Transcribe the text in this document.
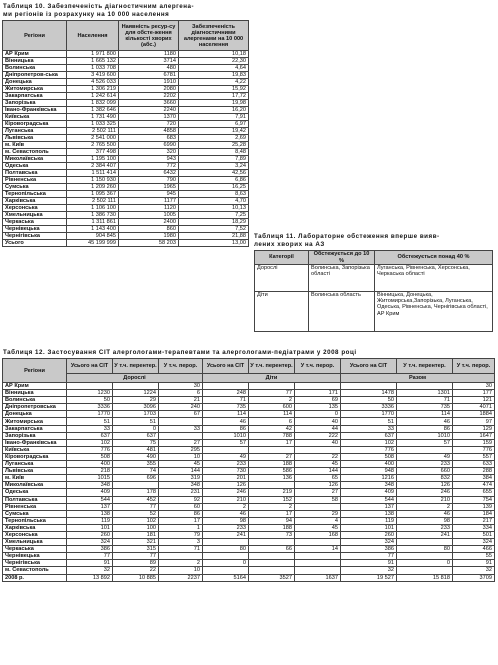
Таблиця 10. Забезпеченість діагностичним алергена-
ми регіонів із розрахунку на 10 000 населення
Регіони	Населення	Наявність ресур-су для обсте-ження кількості хворих (абс.)	Забезпеченість діагностичними алергенами на 10 000 населення
АР Крим	1 971 800	1180	10,18
Вінницька	1 665 132	3714	22,30
Волинська	1 033 708	480	4,64
Дніпропетров-ська	3 419 600	6781	19,83
Донецька	4 526 033	1910	4,22
Житомирська	1 306 219	2080	15,92
Закарпатська	1 242 614	2202	17,72
Запорізька	1 832 099	3660	19,98
Івано-Франківська	1 382 646	2240	16,20
Київська	1 731 490	1370	7,91
Кіровоградська	1 033 325	720	6,97
Луганська	2 502 111	4858	19,42
Львівська	2 541 000	683	2,69
м. Київ	2 765 500	6990	25,28
м. Севастополь	377 498	320	8,48
Миколаївська	1 195 100	943	7,89
Одеська	2 384 407	772	3,24
Полтавська	1 511 414	6432	42,56
Рівненська	1 150 930	790	6,86
Сумська	1 209 260	1965	16,25
Тернопільська	1 095 367	945	8,63
Харківська	2 502 111	1177	4,70
Херсонська	1 106 100	1120	10,13
Хмельницька	1 386 730	1005	7,25
Черкаська	1 311 861	2400	18,29
Чернівецька	1 143 400	860	7,52
Чернігівська	904 845	1980	21,88
Усього	45 199 999	58 203	13,00
Таблиця 11. Лабораторне обстеження вперше вияв-
лених хворих на АЗ
Категорії	Обстежується до 10 %	Обстежується понад 40 %
Дорослі	Волинська, Запорізька області	Луганська, Рівненська, Херсонська, Черкаська області
Діти	Волинська область	Вінницька, Донецька, Житомирська,Запорізька, Луганська, Одеська, Рівненська, Чернігівська області, АР Крим
Таблиця 12. Застосування СІТ алергологами-терапевтами та алергологами-педіатрами у 2008 році
Регіони	Усього на СІТ	У т.ч. перентер.	У т.ч. перор.	Усього на СІТ	У т.ч. перентер.	У т.ч. перор.	Усього на СІТ	У т.ч. перентер.	У т.ч. перор.
	Дорослі			Діти			Разом		
АР Крим			30						30
Вінницька	1230	1224	6	248	77	171	1478	1301	177
Волинська	50	29	21	71	2	69	50	71	121
Дніпропетровська	3336	3096	240	735	600	135	3336	735	4071
Донецька	1770	1703	67	114	114	0	1770	114	1884
Житомирська	51	51		46	6	40	51	46	97
Закарпатська	33	0	33	86	42	44	33	86	129
Запорізька	637	637		1010	788	222	637	1010	1647
Івано-Франківська	102	75	27	57	17	40	102	57	159
Київська	776	481	295				776		776
Кіровоградська	508	490	10	49	27	22	508	49	557
Луганська	400	355	45	233	188	45	400	233	633
Львівська	218	74	144	730	586	144	948	660	288
м. Київ	1015	696	319	201	136	65	1216	832	384
Миколаївська	348		348	126		126	348	126	474
Одеська	409	178	231	246	219	27	409	246	655
Полтавська	544	452	92	210	152	58	544	210	754
Рівненська	137	77	60	2	2		137	2	139
Сумська	138	52	86	46	17	29	138	46	184
Тернопільська	119	102	17	98	94	4	119	98	217
Харківська	101	100	1	233	188	45	101	233	334
Херсонська	260	181	79	241	73	168	260	241	501
Хмельницька	324	321	3				324		324
Черкаська	386	315	71	80	66	14	386	80	466
Чернівецька	77	77					77		55
Чернігівська	91	89	2	0			91	0	91
м. Севастополь	32	22	10				32		32
2008 р.	13 892	10 885	2237	5164	3527	1637	19 527	15 818	3709
